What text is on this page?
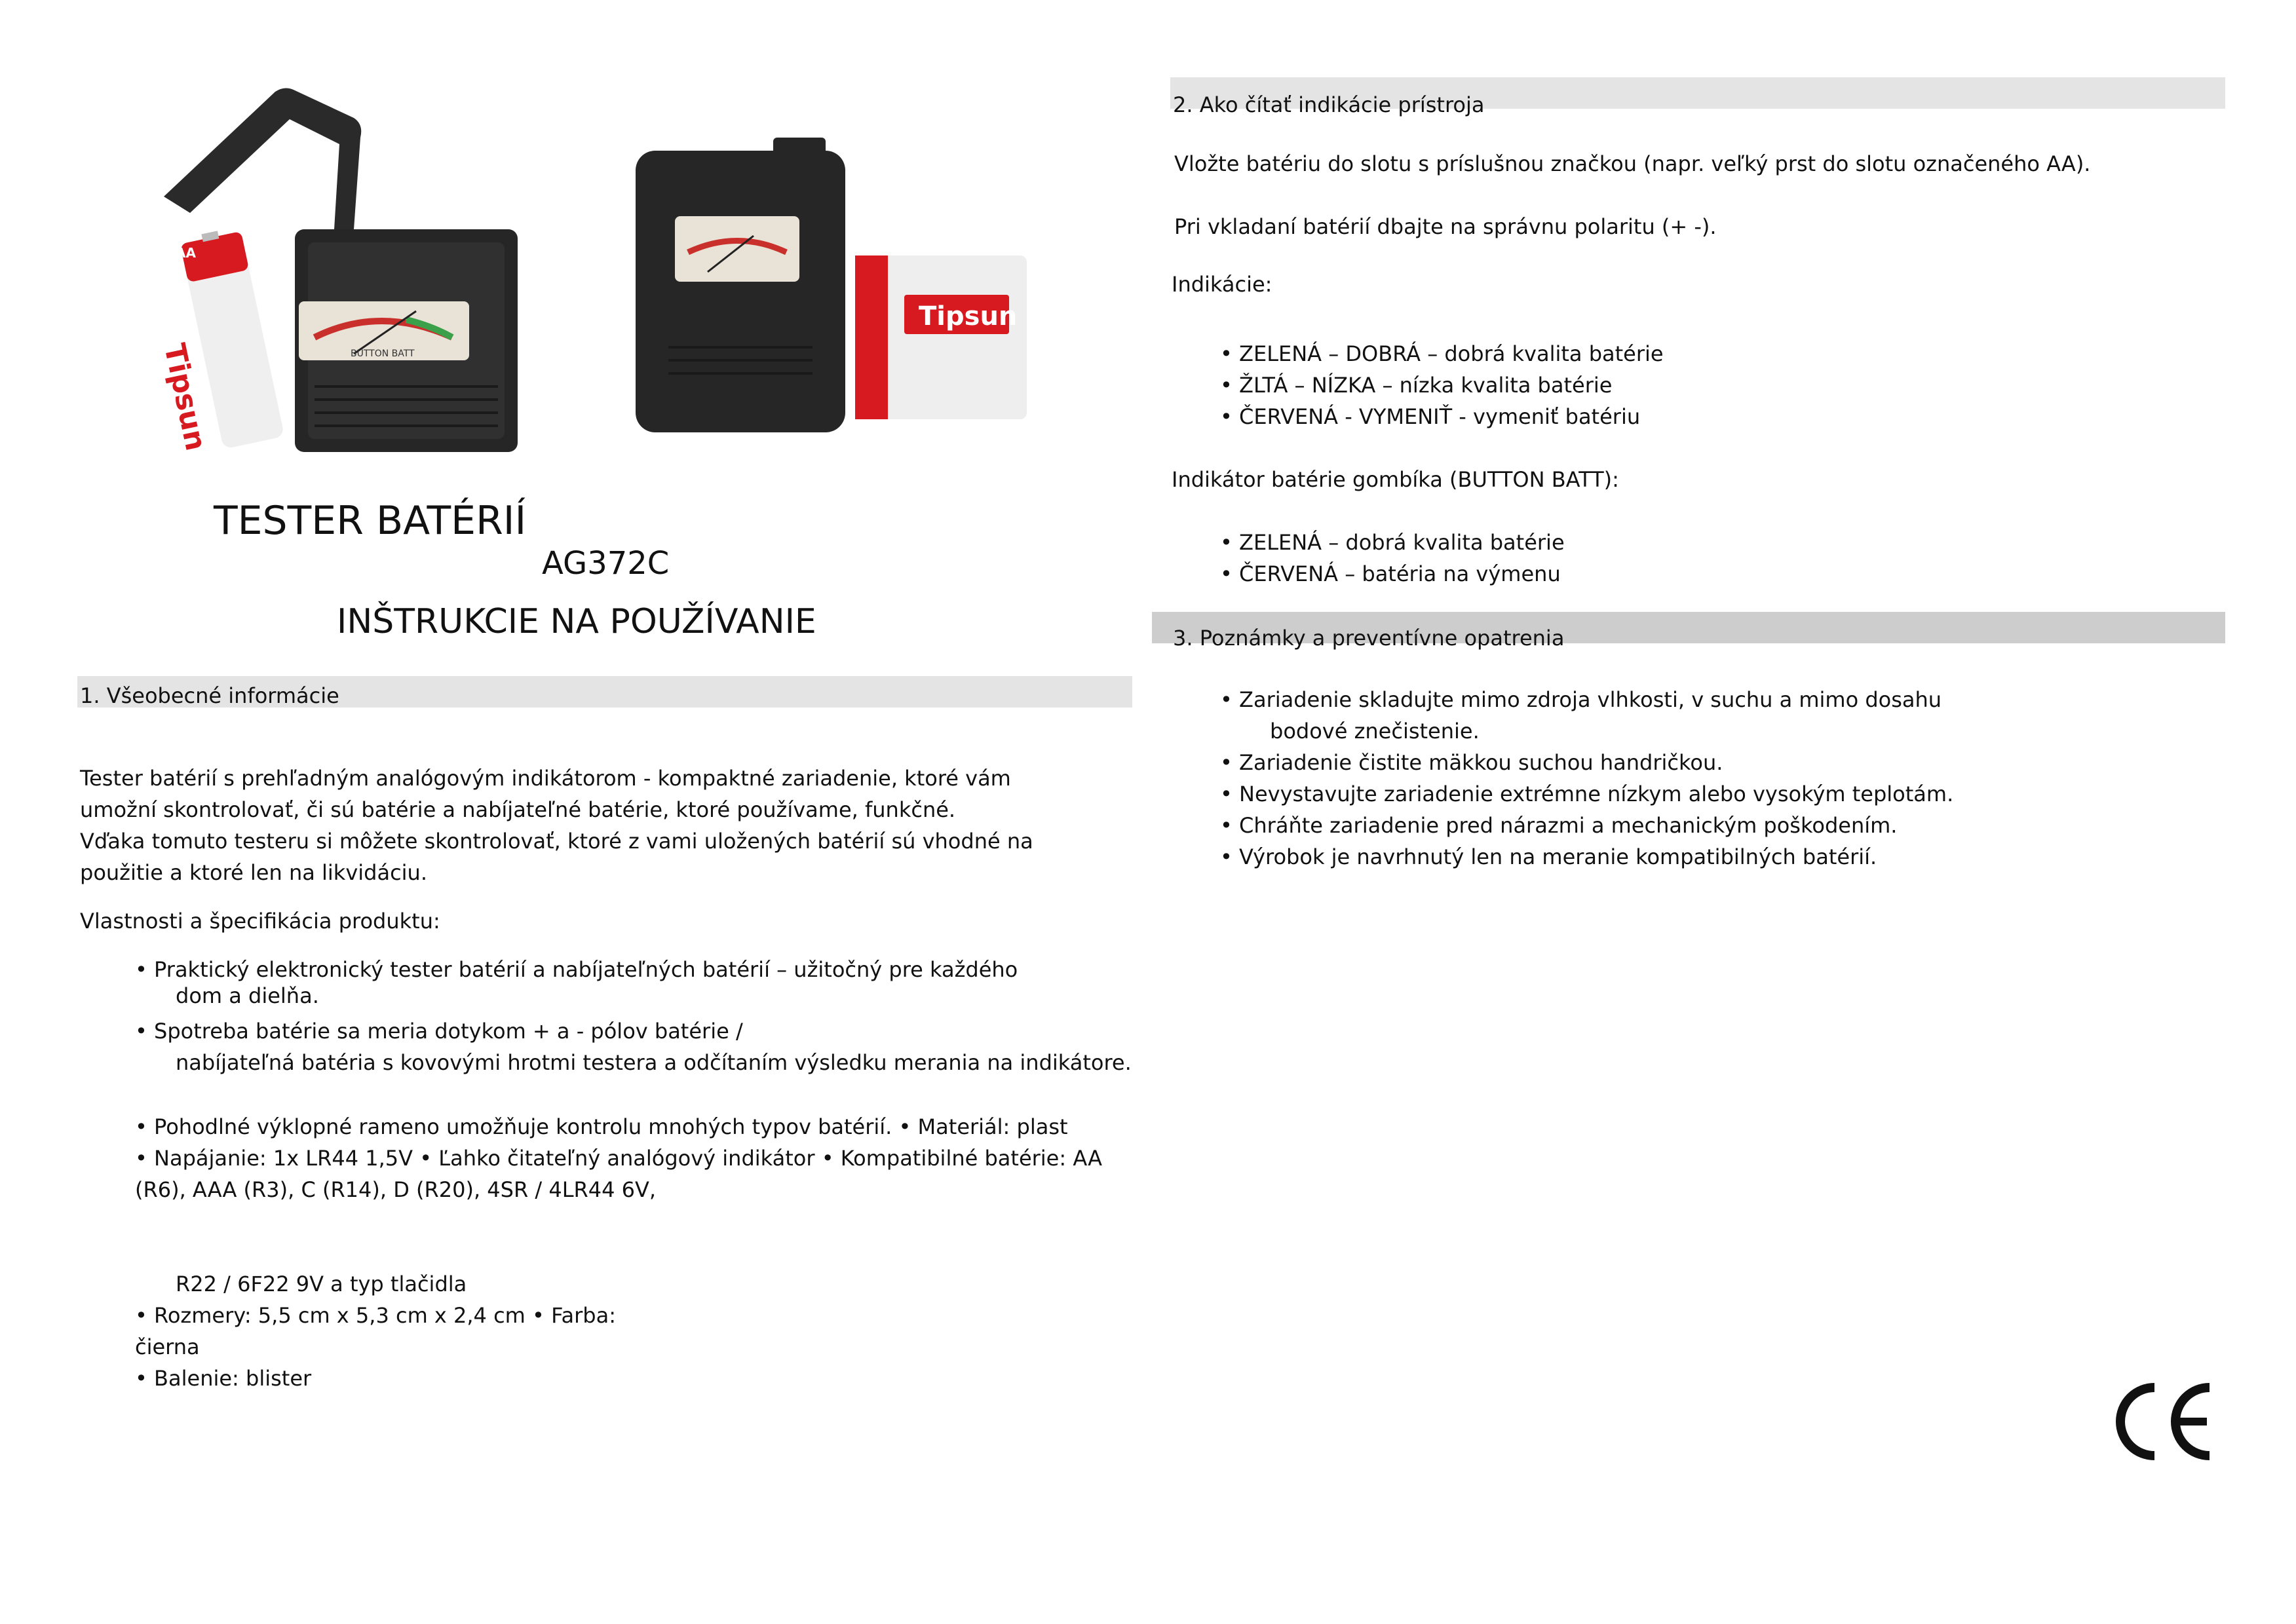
Tipsun
AA
BUTTON BATT
Tipsun
TESTER BATÉRIÍ
AG372C
INŠTRUKCIE NA POUŽÍVANIE
1. Všeobecné informácie
Tester batérií s prehľadným analógovým indikátorom - kompaktné zariadenie, ktoré vám
umožní skontrolovať, či sú batérie a nabíjateľné batérie, ktoré používame, funkčné.
Vďaka tomuto testeru si môžete skontrolovať, ktoré z vami uložených batérií sú vhodné na
použitie a ktoré len na likvidáciu.
Vlastnosti a špecifikácia produktu:
• Praktický elektronický tester batérií a nabíjateľných batérií – užitočný pre každého
dom a dielňa.
• Spotreba batérie sa meria dotykom + a - pólov batérie /
nabíjateľná batéria s kovovými hrotmi testera a odčítaním výsledku merania na indikátore.
• Pohodlné výklopné rameno umožňuje kontrolu mnohých typov batérií. • Materiál: plast
• Napájanie: 1x LR44 1,5V • Ľahko čitateľný analógový indikátor • Kompatibilné batérie: AA
(R6), AAA (R3), C (R14), D (R20), 4SR / 4LR44 6V,
R22 / 6F22 9V a typ tlačidla
• Rozmery: 5,5 cm x 5,3 cm x 2,4 cm • Farba:
čierna
• Balenie: blister
2. Ako čítať indikácie prístroja
Vložte batériu do slotu s príslušnou značkou (napr. veľký prst do slotu označeného AA).
Pri vkladaní batérií dbajte na správnu polaritu (+ -).
Indikácie:
• ZELENÁ – DOBRÁ – dobrá kvalita batérie
• ŽLTÁ – NÍZKA – nízka kvalita batérie
• ČERVENÁ - VYMENIŤ - vymeniť batériu
Indikátor batérie gombíka (BUTTON BATT):
• ZELENÁ – dobrá kvalita batérie
• ČERVENÁ – batéria na výmenu
3. Poznámky a preventívne opatrenia
• Zariadenie skladujte mimo zdroja vlhkosti, v suchu a mimo dosahu
bodové znečistenie.
• Zariadenie čistite mäkkou suchou handričkou.
• Nevystavujte zariadenie extrémne nízkym alebo vysokým teplotám.
• Chráňte zariadenie pred nárazmi a mechanickým poškodením.
• Výrobok je navrhnutý len na meranie kompatibilných batérií.
